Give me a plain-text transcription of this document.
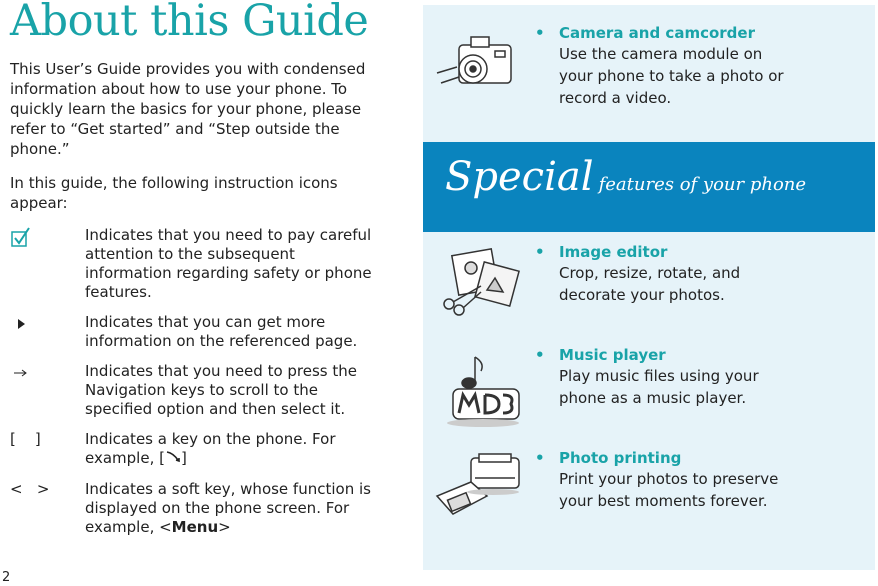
About this Guide
This User’s Guide provides you with condensed information about how to use your phone. To quickly learn the basics for your phone, please refer to “Get started” and “Step outside the phone.”
In this guide, the following instruction icons appear:
Indicates that you need to pay careful attention to the subsequent information regarding safety or phone features.
Indicates that you can get more information on the referenced page.
Indicates that you need to press the Navigation keys to scroll to the specified option and then select it.
[    ]	Indicates a key on the phone. For example, [ ]
<   >	Indicates a soft key, whose function is displayed on the phone screen. For example, <Menu>
2
• Camera and camcorder
Use the camera module on your phone to take a photo or record a video.
Special features of your phone
• Image editor
Crop, resize, rotate, and decorate your photos.
• Music player
Play music files using your phone as a music player.
• Photo printing
Print your photos to preserve your best moments forever.
